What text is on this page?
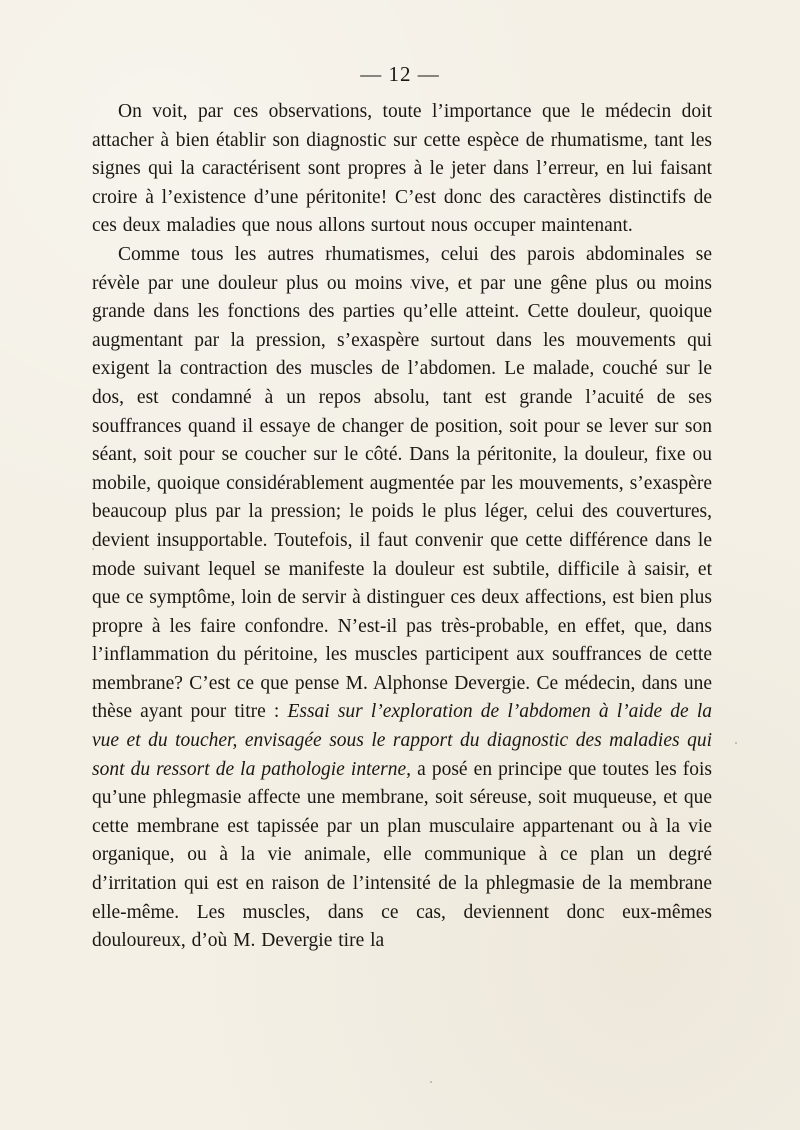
— 12 —

On voit, par ces observations, toute l’importance que le médecin doit attacher à bien établir son diagnostic sur cette espèce de rhumatisme, tant les signes qui la caractérisent sont propres à le jeter dans l’erreur, en lui faisant croire à l’existence d’une péritonite! C’est donc des caractères distinctifs de ces deux maladies que nous allons surtout nous occuper maintenant.

Comme tous les autres rhumatismes, celui des parois abdominales se révèle par une douleur plus ou moins vive, et par une gêne plus ou moins grande dans les fonctions des parties qu’elle atteint. Cette douleur, quoique augmentant par la pression, s’exaspère surtout dans les mouvements qui exigent la contraction des muscles de l’abdomen. Le malade, couché sur le dos, est condamné à un repos absolu, tant est grande l’acuité de ses souffrances quand il essaye de changer de position, soit pour se lever sur son séant, soit pour se coucher sur le côté. Dans la péritonite, la douleur, fixe ou mobile, quoique considérablement augmentée par les mouvements, s’exaspère beaucoup plus par la pression; le poids le plus léger, celui des couvertures, devient insupportable. Toutefois, il faut convenir que cette différence dans le mode suivant lequel se manifeste la douleur est subtile, difficile à saisir, et que ce symptôme, loin de servir à distinguer ces deux affections, est bien plus propre à les faire confondre. N’est-il pas très-probable, en effet, que, dans l’inflammation du péritoine, les muscles participent aux souffrances de cette membrane? C’est ce que pense M. Alphonse Devergie. Ce médecin, dans une thèse ayant pour titre : Essai sur l’exploration de l’abdomen à l’aide de la vue et du toucher, envisagée sous le rapport du diagnostic des maladies qui sont du ressort de la pathologie interne, a posé en principe que toutes les fois qu’une phlegmasie affecte une membrane, soit séreuse, soit muqueuse, et que cette membrane est tapissée par un plan musculaire appartenant ou à la vie organique, ou à la vie animale, elle communique à ce plan un degré d’irritation qui est en raison de l’intensité de la phlegmasie de la membrane elle-même. Les muscles, dans ce cas, deviennent donc eux-mêmes douloureux, d’où M. Devergie tire la
